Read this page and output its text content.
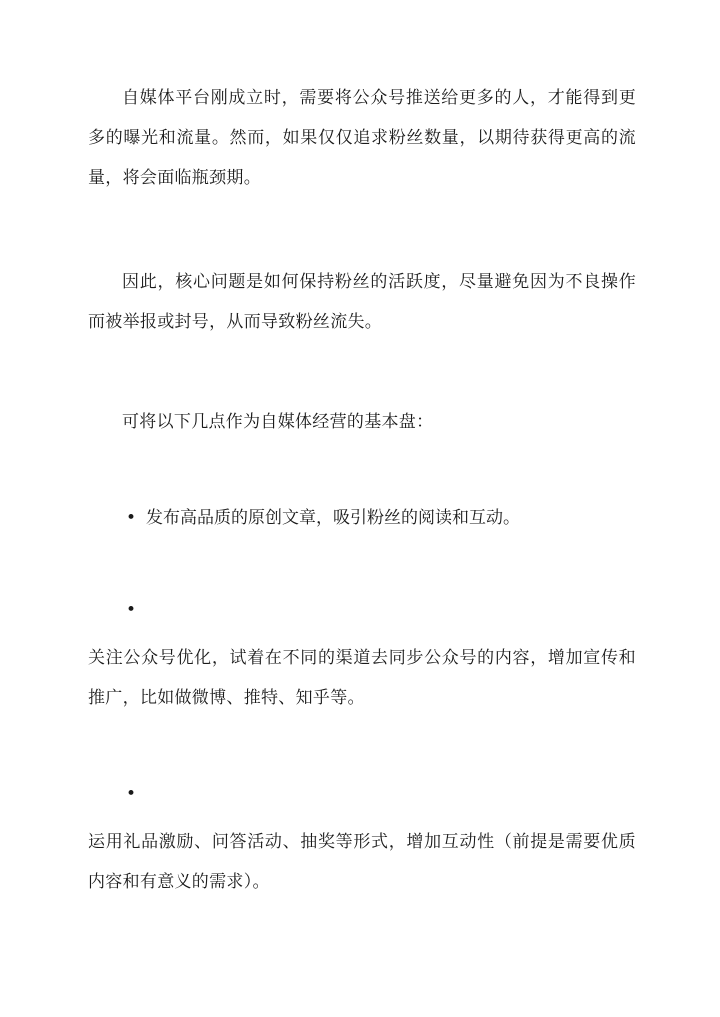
自媒体平台刚成立时，需要将公众号推送给更多的人，才能得到更多的曝光和流量。然而，如果仅仅追求粉丝数量，以期待获得更高的流量，将会面临瓶颈期。

因此，核心问题是如何保持粉丝的活跃度，尽量避免因为不良操作而被举报或封号，从而导致粉丝流失。

可将以下几点作为自媒体经营的基本盘：

• 发布高品质的原创文章，吸引粉丝的阅读和互动。
•

关注公众号优化，试着在不同的渠道去同步公众号的内容，增加宣传和推广，比如做微博、推特、知乎等。

•

运用礼品激励、问答活动、抽奖等形式，增加互动性（前提是需要优质内容和有意义的需求）。
